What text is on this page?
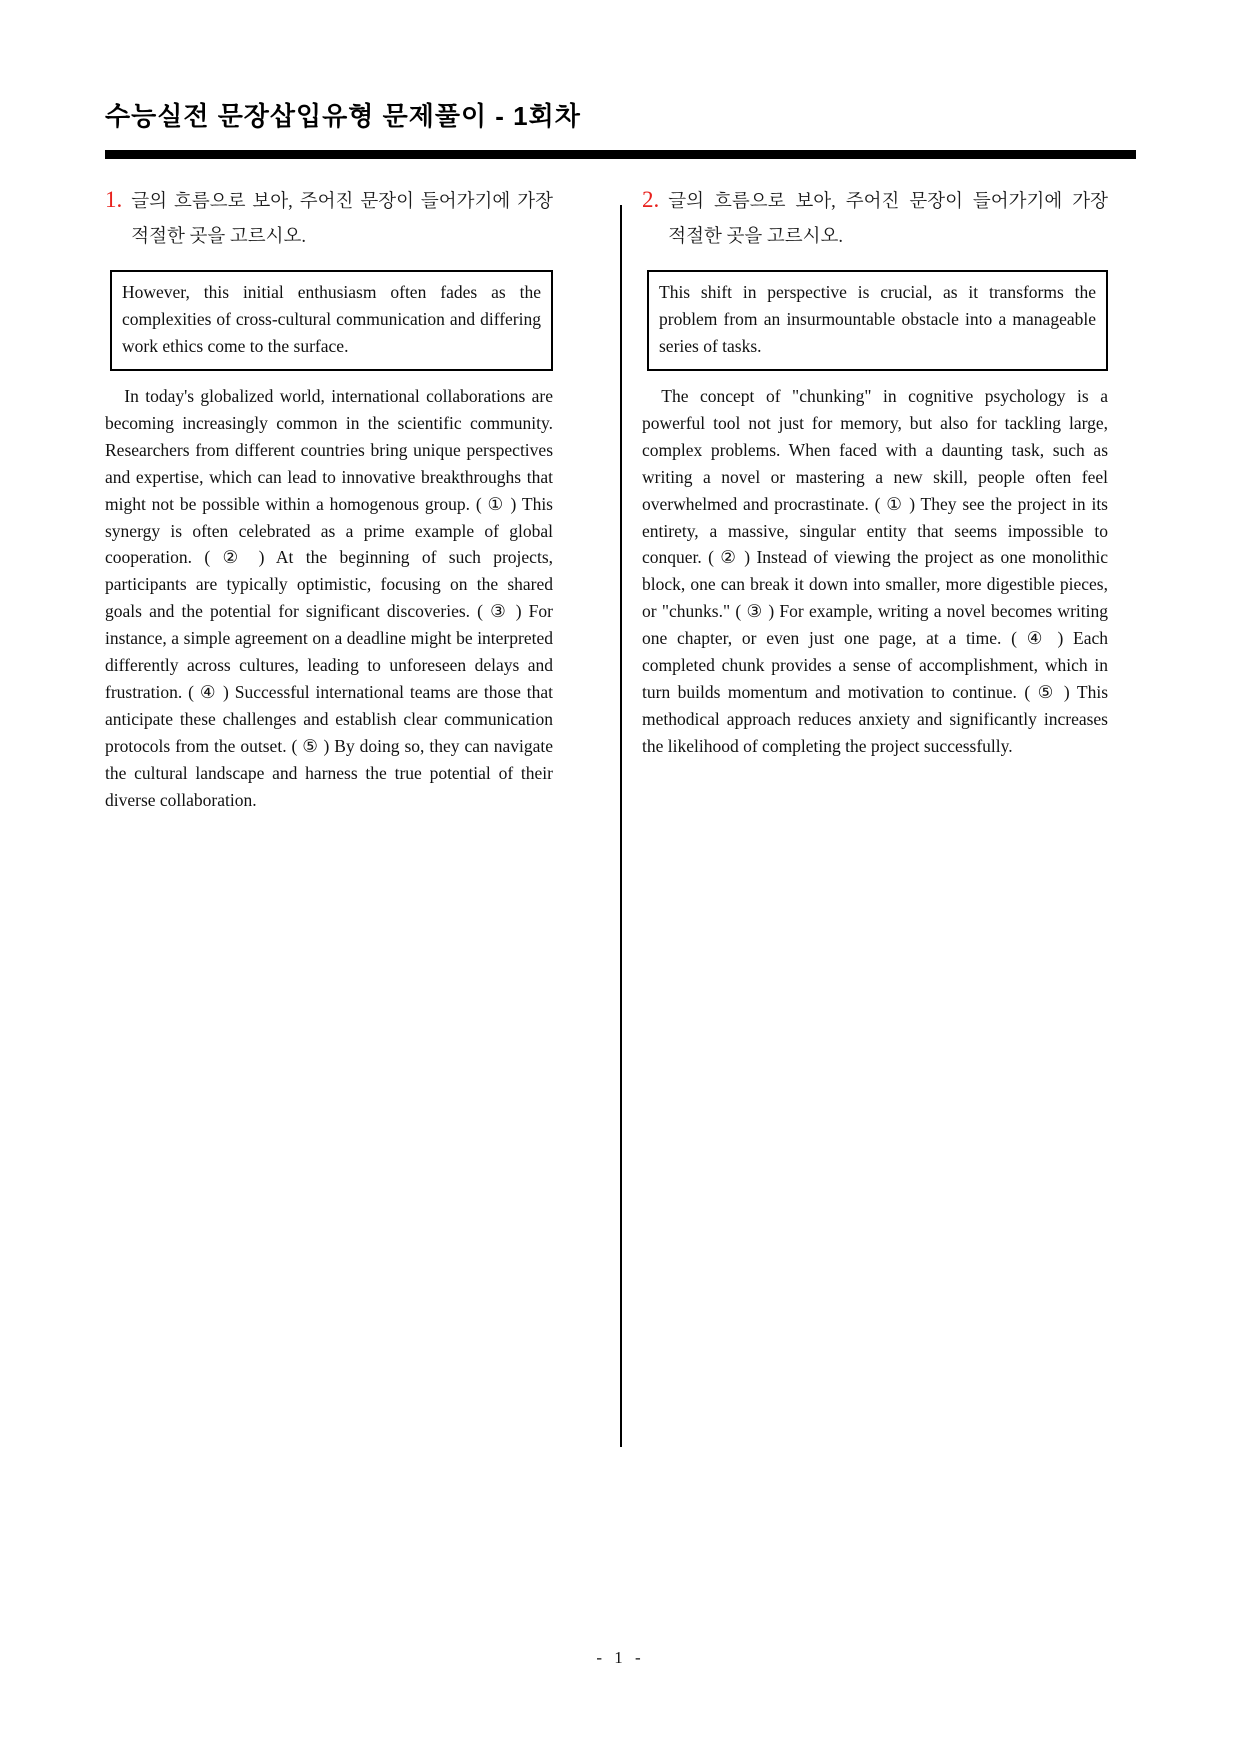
수능실전 문장삽입유형 문제풀이 - 1회차
1. 글의 흐름으로 보아, 주어진 문장이 들어가기에 가장 적절한 곳을 고르시오.
However, this initial enthusiasm often fades as the complexities of cross-cultural communication and differing work ethics come to the surface.
In today's globalized world, international collaborations are becoming increasingly common in the scientific community. Researchers from different countries bring unique perspectives and expertise, which can lead to innovative breakthroughs that might not be possible within a homogenous group. ( ① ) This synergy is often celebrated as a prime example of global cooperation. ( ② ) At the beginning of such projects, participants are typically optimistic, focusing on the shared goals and the potential for significant discoveries. ( ③ ) For instance, a simple agreement on a deadline might be interpreted differently across cultures, leading to unforeseen delays and frustration. ( ④ ) Successful international teams are those that anticipate these challenges and establish clear communication protocols from the outset. ( ⑤ ) By doing so, they can navigate the cultural landscape and harness the true potential of their diverse collaboration.
2. 글의 흐름으로 보아, 주어진 문장이 들어가기에 가장 적절한 곳을 고르시오.
This shift in perspective is crucial, as it transforms the problem from an insurmountable obstacle into a manageable series of tasks.
The concept of "chunking" in cognitive psychology is a powerful tool not just for memory, but also for tackling large, complex problems. When faced with a daunting task, such as writing a novel or mastering a new skill, people often feel overwhelmed and procrastinate. ( ① ) They see the project in its entirety, a massive, singular entity that seems impossible to conquer. ( ② ) Instead of viewing the project as one monolithic block, one can break it down into smaller, more digestible pieces, or "chunks." ( ③ ) For example, writing a novel becomes writing one chapter, or even just one page, at a time. ( ④ ) Each completed chunk provides a sense of accomplishment, which in turn builds momentum and motivation to continue. ( ⑤ ) This methodical approach reduces anxiety and significantly increases the likelihood of completing the project successfully.
- 1 -
